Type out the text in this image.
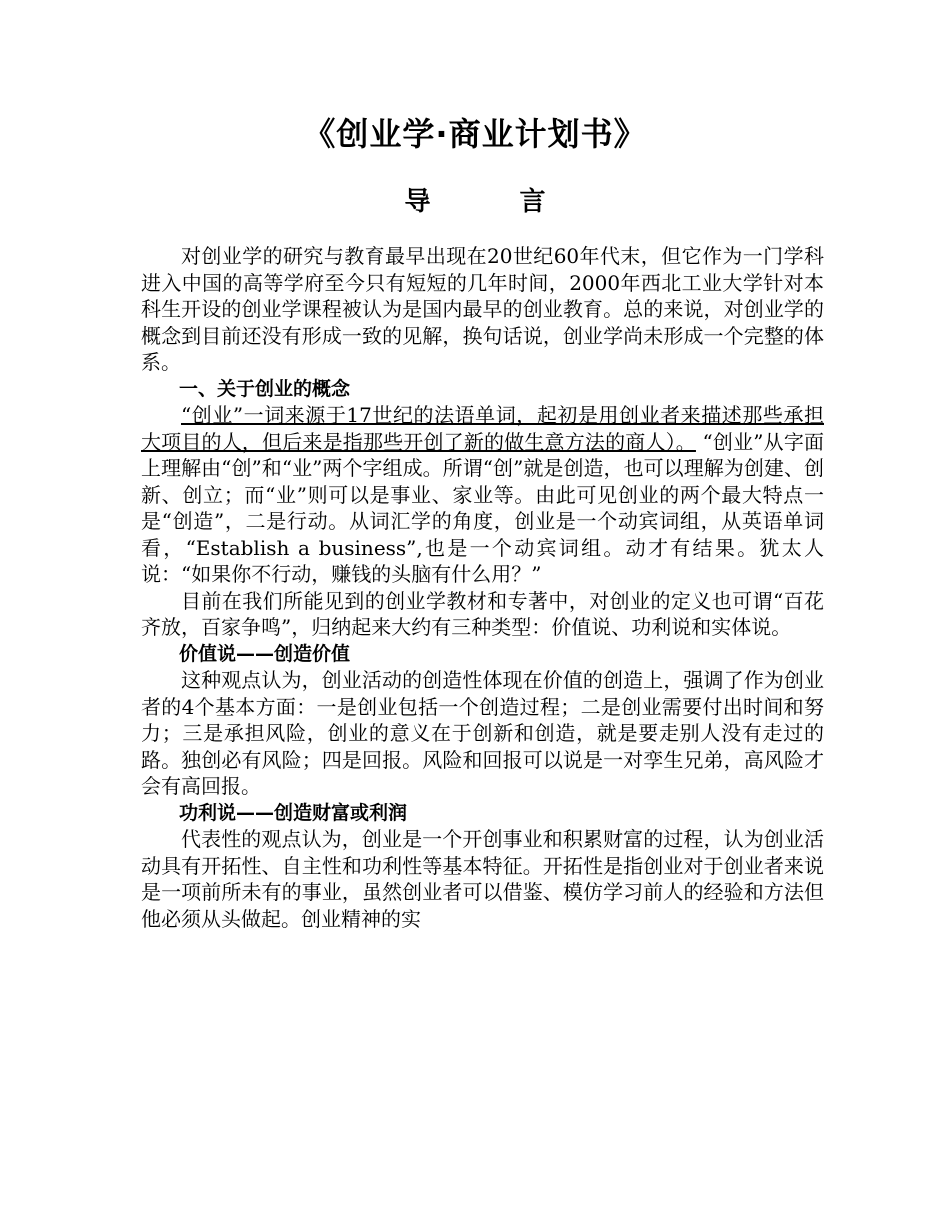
《创业学·商业计划书》
导 言

对创业学的研究与教育最早出现在20世纪60年代末，但它作为一门学科进入中国的高等学府至今只有短短的几年时间，2000年西北工业大学针对本科生开设的创业学课程被认为是国内最早的创业教育。总的来说，对创业学的概念到目前还没有形成一致的见解，换句话说，创业学尚未形成一个完整的体系。

一、关于创业的概念

“创业”一词来源于17世纪的法语单词，起初是用创业者来描述那些承担大项目的人，但后来是指那些开创了新的做生意方法的商人）。 “创业”从字面上理解由“创”和“业”两个字组成。所谓“创”就是创造，也可以理解为创建、创新、创立；而“业”则可以是事业、家业等。由此可见创业的两个最大特点一是“创造”，二是行动。从词汇学的角度，创业是一个动宾词组，从英语单词看，“Establish a business”,也是一个动宾词组。动才有结果。犹太人说：“如果你不行动，赚钱的头脑有什么用？”

目前在我们所能见到的创业学教材和专著中，对创业的定义也可谓“百花齐放，百家争鸣”，归纳起来大约有三种类型：价值说、功利说和实体说。

价值说——创造价值

这种观点认为，创业活动的创造性体现在价值的创造上，强调了作为创业者的4个基本方面：一是创业包括一个创造过程；二是创业需要付出时间和努力；三是承担风险，创业的意义在于创新和创造，就是要走别人没有走过的路。独创必有风险；四是回报。风险和回报可以说是一对孪生兄弟，高风险才会有高回报。

功利说——创造财富或利润

代表性的观点认为，创业是一个开创事业和积累财富的过程，认为创业活动具有开拓性、自主性和功利性等基本特征。开拓性是指创业对于创业者来说是一项前所未有的事业，虽然创业者可以借鉴、模仿学习前人的经验和方法但他必须从头做起。创业精神的实
